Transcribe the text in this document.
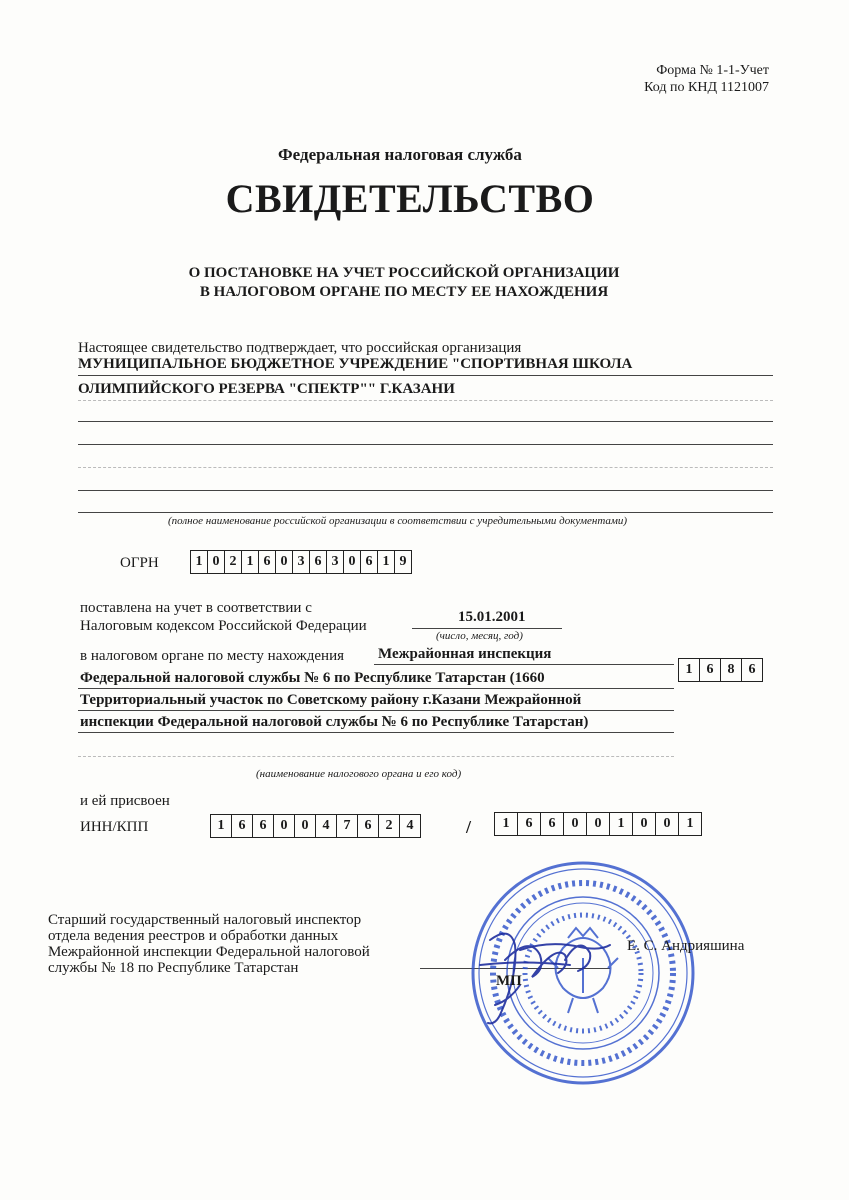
Форма № 1-1-Учет
Код по КНД 1121007
Федеральная налоговая служба
СВИДЕТЕЛЬСТВО
О ПОСТАНОВКЕ НА УЧЕТ РОССИЙСКОЙ ОРГАНИЗАЦИИ
В НАЛОГОВОМ ОРГАНЕ ПО МЕСТУ ЕЕ НАХОЖДЕНИЯ
Настоящее свидетельство подтверждает, что российская организация
МУНИЦИПАЛЬНОЕ БЮДЖЕТНОЕ УЧРЕЖДЕНИЕ "СПОРТИВНАЯ ШКОЛА
ОЛИМПИЙСКОГО РЕЗЕРВА "СПЕКТР"" Г.КАЗАНИ
(полное наименование российской организации в соответствии с учредительными документами)
ОГРН	1 0 2 1 6 0 3 6 3 0 6 1 9
поставлена на учет в соответствии с
Налоговым кодексом Российской Федерации
15.01.2001
(число, месяц, год)
в налоговом органе по месту нахождения Межрайонная инспекция
Федеральной налоговой службы № 6 по Республике Татарстан (1660
Территориальный участок по Советскому району г.Казани Межрайонной
инспекции Федеральной налоговой службы № 6 по Республике Татарстан)
(наименование налогового органа и его код)
1	6	8	6
и ей присвоен
ИНН/КПП	1	6	6	0	0	4	7	6	2	4	/	1	6	6	0	0	1	0	0	1
Старший государственный налоговый инспектор
отдела ведения реестров и обработки данных
Межрайонной инспекции Федеральной налоговой
службы № 18 по Республике Татарстан
МП
Е. С. Андрияшина
